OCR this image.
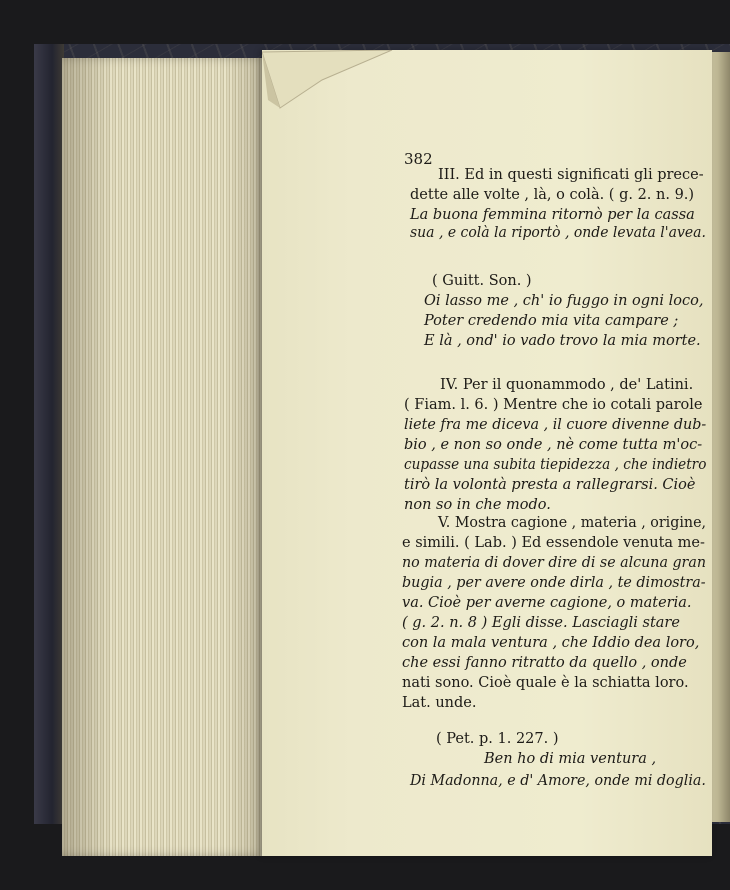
382
III. Ed in questi significati gli prece-
dette alle volte , là, o colà. ( g. 2. n. 9.)
La buona femmina ritornò per la cassa
sua , e colà la riportò , onde levata l'avea.
( Guitt. Son. )
Oi lasso me , ch' io fuggo in ogni loco,
Poter credendo mia vita campare ;
E là , ond' io vado trovo la mia morte.
IV. Per il quonammodo , de' Latini.
( Fiam. l. 6. ) Mentre che io cotali parole
liete fra me diceva , il cuore divenne dub-
bio , e non so onde , nè come tutta m'oc-
cupasse una subita tiepidezza , che indietro
tirò la volontà presta a rallegrarsi. Cioè
non so in che modo.
V. Mostra cagione , materia , origine,
e simili. ( Lab. ) Ed essendole venuta me-
no materia di dover dire di se alcuna gran
bugia , per avere onde dirla , te dimostra-
va. Cioè per averne cagione, o materia.
( g. 2. n. 8 ) Egli disse. Lasciagli stare
con la mala ventura , che Iddio dea loro,
che essi fanno ritratto da quello , onde
nati sono. Cioè quale è la schiatta loro.
Lat. unde.
( Pet. p. 1. 227. )
Ben ho di mia ventura ,
Di Madonna, e d' Amore, onde mi doglia.
